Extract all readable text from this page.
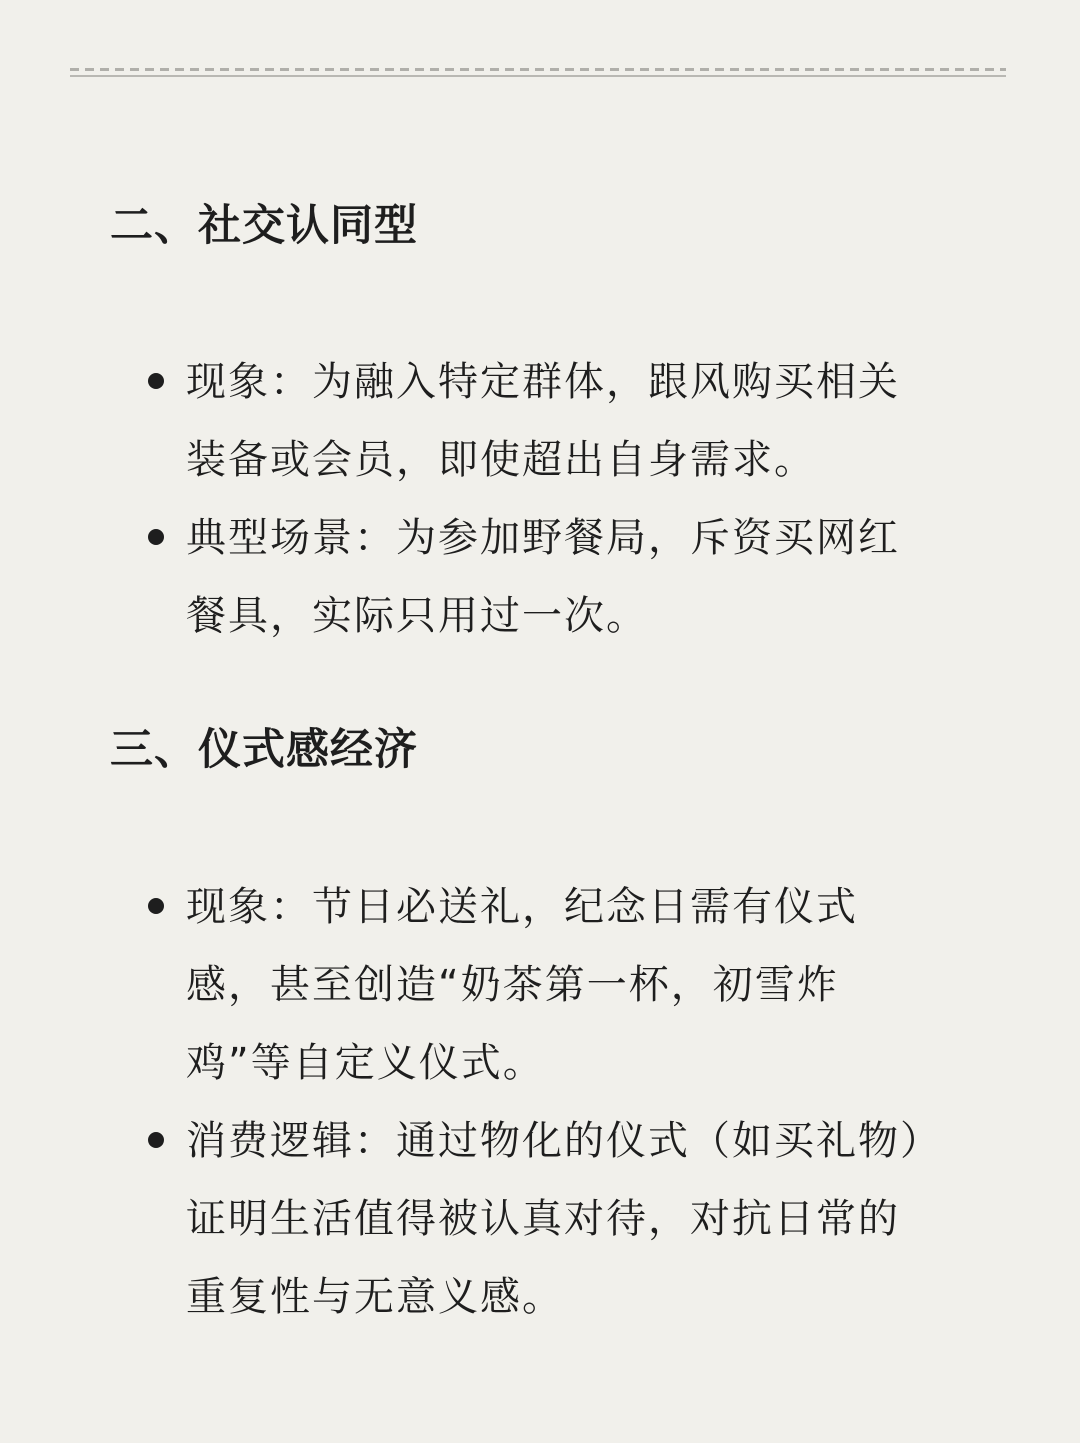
二、社交认同型
现象：为融入特定群体，跟风购买相关装备或会员，即使超出自身需求。
典型场景：为参加野餐局，斥资买网红餐具，实际只用过一次。
三、仪式感经济
现象：节日必送礼，纪念日需有仪式感，甚至创造“奶茶第一杯，初雪炸鸡”等自定义仪式。
消费逻辑：通过物化的仪式（如买礼物）证明生活值得被认真对待，对抗日常的重复性与无意义感。
